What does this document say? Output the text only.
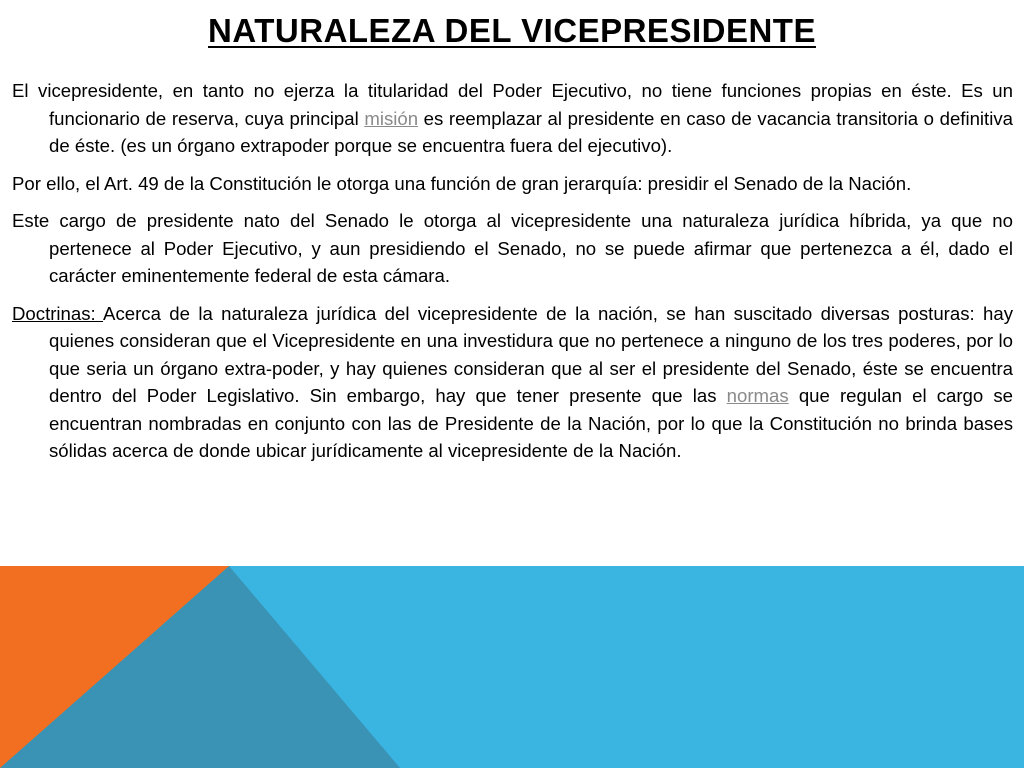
NATURALEZA DEL VICEPRESIDENTE

El vicepresidente, en tanto no ejerza la titularidad del Poder Ejecutivo, no tiene funciones propias en éste. Es un funcionario de reserva, cuya principal misión es reemplazar al presidente en caso de vacancia transitoria o definitiva de éste. (es un órgano extrapoder porque se encuentra fuera del ejecutivo).

Por ello, el Art. 49 de la Constitución le otorga una función de gran jerarquía: presidir el Senado de la Nación.

Este cargo de presidente nato del Senado le otorga al vicepresidente una naturaleza jurídica híbrida, ya que no pertenece al Poder Ejecutivo, y aun presidiendo el Senado, no se puede afirmar que pertenezca a él, dado el carácter eminentemente federal de esta cámara.

Doctrinas: Acerca de la naturaleza jurídica del vicepresidente de la nación, se han suscitado diversas posturas: hay quienes consideran que el Vicepresidente en una investidura que no pertenece a ninguno de los tres poderes, por lo que seria un órgano extra-poder, y hay quienes consideran que al ser el presidente del Senado, éste se encuentra dentro del Poder Legislativo. Sin embargo, hay que tener presente que las normas que regulan el cargo se encuentran nombradas en conjunto con las de Presidente de la Nación, por lo que la Constitución no brinda bases sólidas acerca de donde ubicar jurídicamente al vicepresidente de la Nación.
